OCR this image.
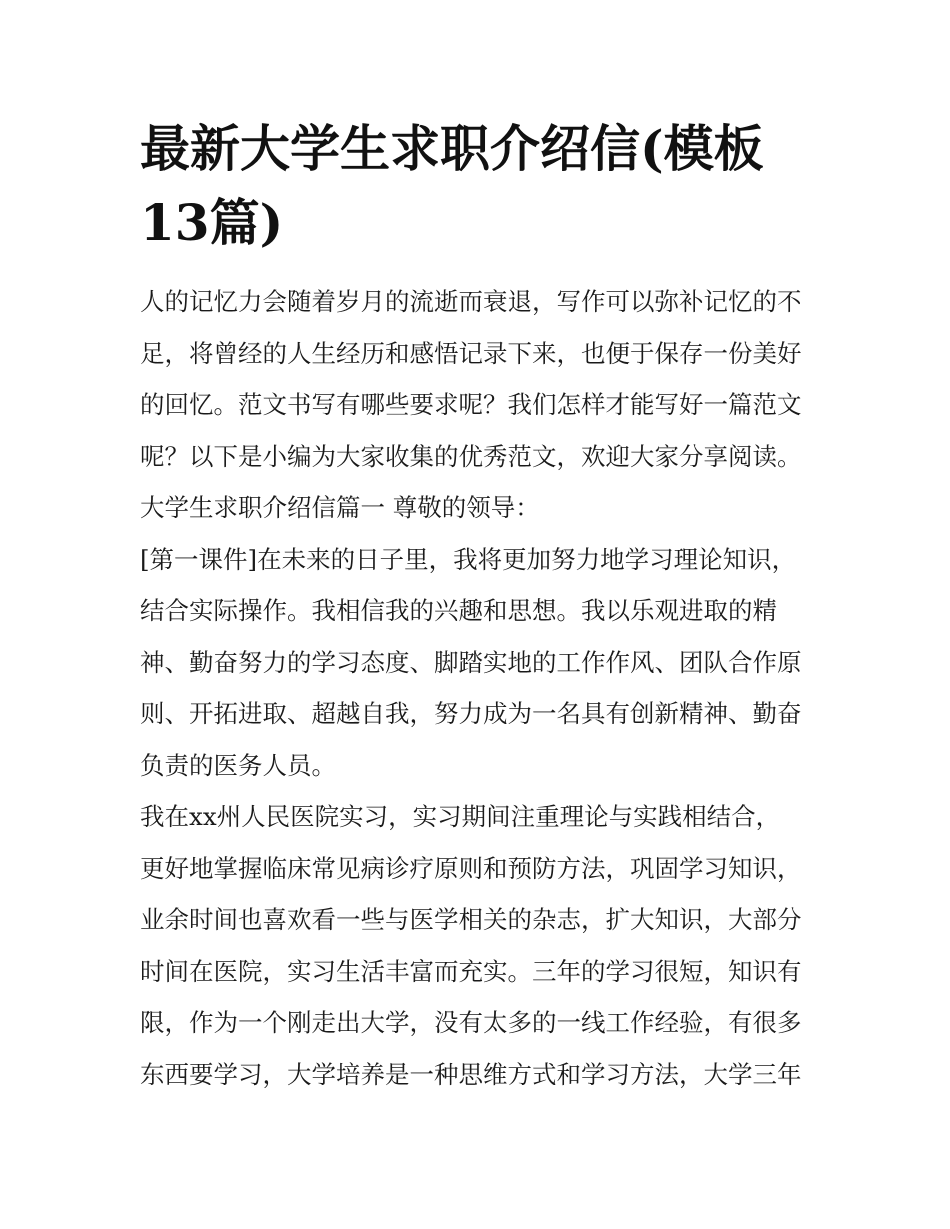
最新大学生求职介绍信(模板
13篇)
人的记忆力会随着岁月的流逝而衰退，写作可以弥补记忆的不
足，将曾经的人生经历和感悟记录下来，也便于保存一份美好
的回忆。范文书写有哪些要求呢？我们怎样才能写好一篇范文
呢？以下是小编为大家收集的优秀范文，欢迎大家分享阅读。
大学生求职介绍信篇一 尊敬的领导：
[第一课件]在未来的日子里，我将更加努力地学习理论知识，
结合实际操作。我相信我的兴趣和思想。我以乐观进取的精
神、勤奋努力的学习态度、脚踏实地的工作作风、团队合作原
则、开拓进取、超越自我，努力成为一名具有创新精神、勤奋
负责的医务人员。
我在xx州人民医院实习，实习期间注重理论与实践相结合，
更好地掌握临床常见病诊疗原则和预防方法，巩固学习知识，
业余时间也喜欢看一些与医学相关的杂志，扩大知识，大部分
时间在医院，实习生活丰富而充实。三年的学习很短，知识有
限，作为一个刚走出大学，没有太多的一线工作经验，有很多
东西要学习，大学培养是一种思维方式和学习方法，大学三年
